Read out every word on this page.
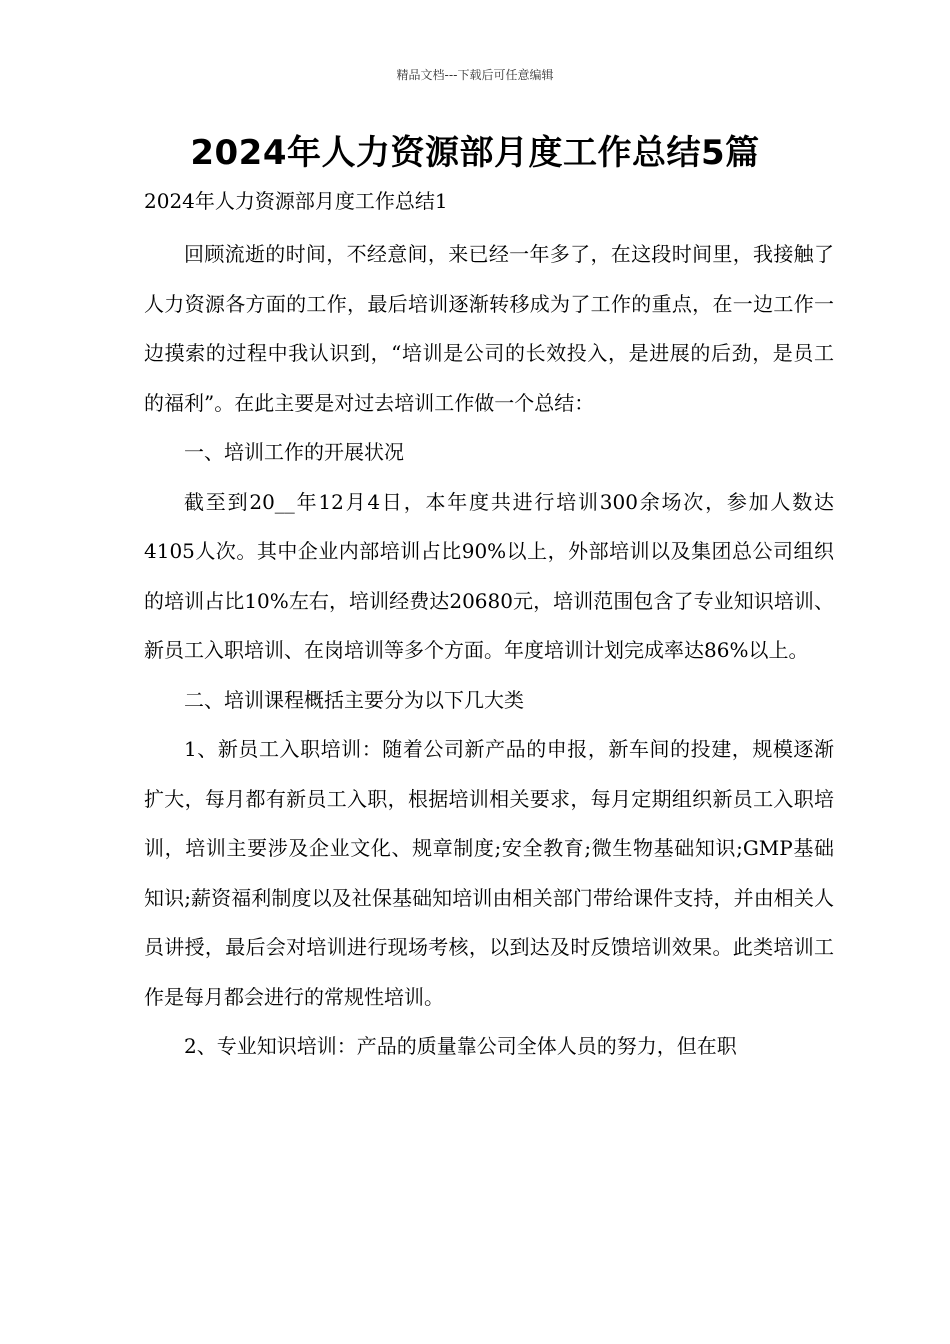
精品文档---下载后可任意编辑
2024年人力资源部月度工作总结5篇
2024年人力资源部月度工作总结1

回顾流逝的时间，不经意间，来已经一年多了，在这段时间里，我接触了人力资源各方面的工作，最后培训逐渐转移成为了工作的重点，在一边工作一边摸索的过程中我认识到，“培训是公司的长效投入，是进展的后劲，是员工的福利”。在此主要是对过去培训工作做一个总结：

一、培训工作的开展状况

截至到20__年12月4日，本年度共进行培训300余场次，参加人数达4105人次。其中企业内部培训占比90%以上，外部培训以及集团总公司组织的培训占比10%左右，培训经费达20680元，培训范围包含了专业知识培训、新员工入职培训、在岗培训等多个方面。年度培训计划完成率达86%以上。

二、培训课程概括主要分为以下几大类

1、新员工入职培训：随着公司新产品的申报，新车间的投建，规模逐渐扩大，每月都有新员工入职，根据培训相关要求，每月定期组织新员工入职培训，培训主要涉及企业文化、规章制度;安全教育;微生物基础知识;GMP基础知识;薪资福利制度以及社保基础知培训由相关部门带给课件支持，并由相关人员讲授，最后会对培训进行现场考核，以到达及时反馈培训效果。此类培训工作是每月都会进行的常规性培训。

2、专业知识培训：产品的质量靠公司全体人员的努力，但在职
